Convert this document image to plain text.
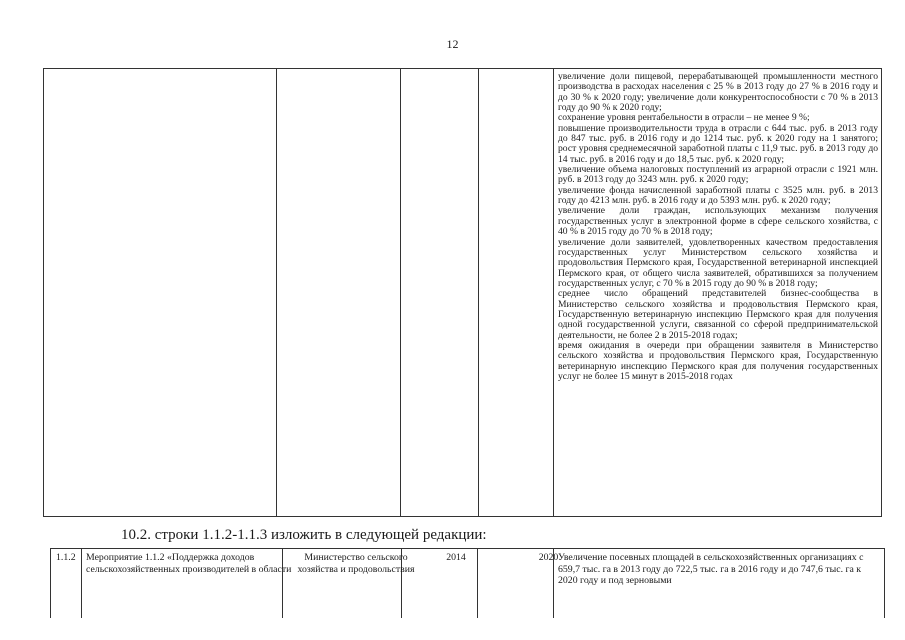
12
увеличение доли пищевой, перерабатывающей промышленности местного производства в расходах населения с 25 % в 2013 году до 27 % в 2016 году и до 30 % к 2020 году; увеличение доли конкурентоспособности с 70 % в 2013 году до 90 % к 2020 году;
сохранение уровня рентабельности в отрасли – не менее 9 %;
повышение производительности труда в отрасли с 644 тыс. руб. в 2013 году до 847 тыс. руб. в 2016 году и до 1214 тыс. руб. к 2020 году на 1 занятого; рост уровня среднемесячной заработной платы с 11,9 тыс. руб. в 2013 году до 14 тыс. руб. в 2016 году и до 18,5 тыс. руб. к 2020 году;
увеличение объема налоговых поступлений из аграрной отрасли с 1921 млн. руб. в 2013 году до 3243 млн. руб. к 2020 году;
увеличение фонда начисленной заработной платы с 3525 млн. руб. в 2013 году до 4213 млн. руб. в 2016 году и до 5393 млн. руб. к 2020 году;
увеличение доли граждан, использующих механизм получения государственных услуг в электронной форме в сфере сельского хозяйства, с 40 % в 2015 году до 70 % в 2018 году;
увеличение доли заявителей, удовлетворенных качеством предоставления государственных услуг Министерством сельского хозяйства и продовольствия Пермского края, Государственной ветеринарной инспекцией Пермского края, от общего числа заявителей, обратившихся за получением государственных услуг, с 70 % в 2015 году до 90 % в 2018 году;
среднее число обращений представителей бизнес-сообщества в Министерство сельского хозяйства и продовольствия Пермского края, Государственную ветеринарную инспекцию Пермского края для получения одной государственной услуги, связанной со сферой предпринимательской деятельности, не более 2 в 2015-2018 годах;
время ожидания в очереди при обращении заявителя в Министерство сельского хозяйства и продовольствия Пермского края, Государственную ветеринарную инспекцию Пермского края для получения государственных услуг не более 15 минут в 2015-2018 годах
10.2. строки 1.1.2-1.1.3 изложить в следующей редакции:
1.1.2	Мероприятие 1.1.2 «Поддержка доходов сельскохозяйственных производителей в области
Министерство сельского хозяйства и продовольствия
2014	2020 Увеличение посевных площадей в сельскохозяйственных организациях с 659,7 тыс. га в 2013 году до 722,5 тыс. га в 2016 году и до 747,6 тыс. га к 2020 году и под зерновыми
